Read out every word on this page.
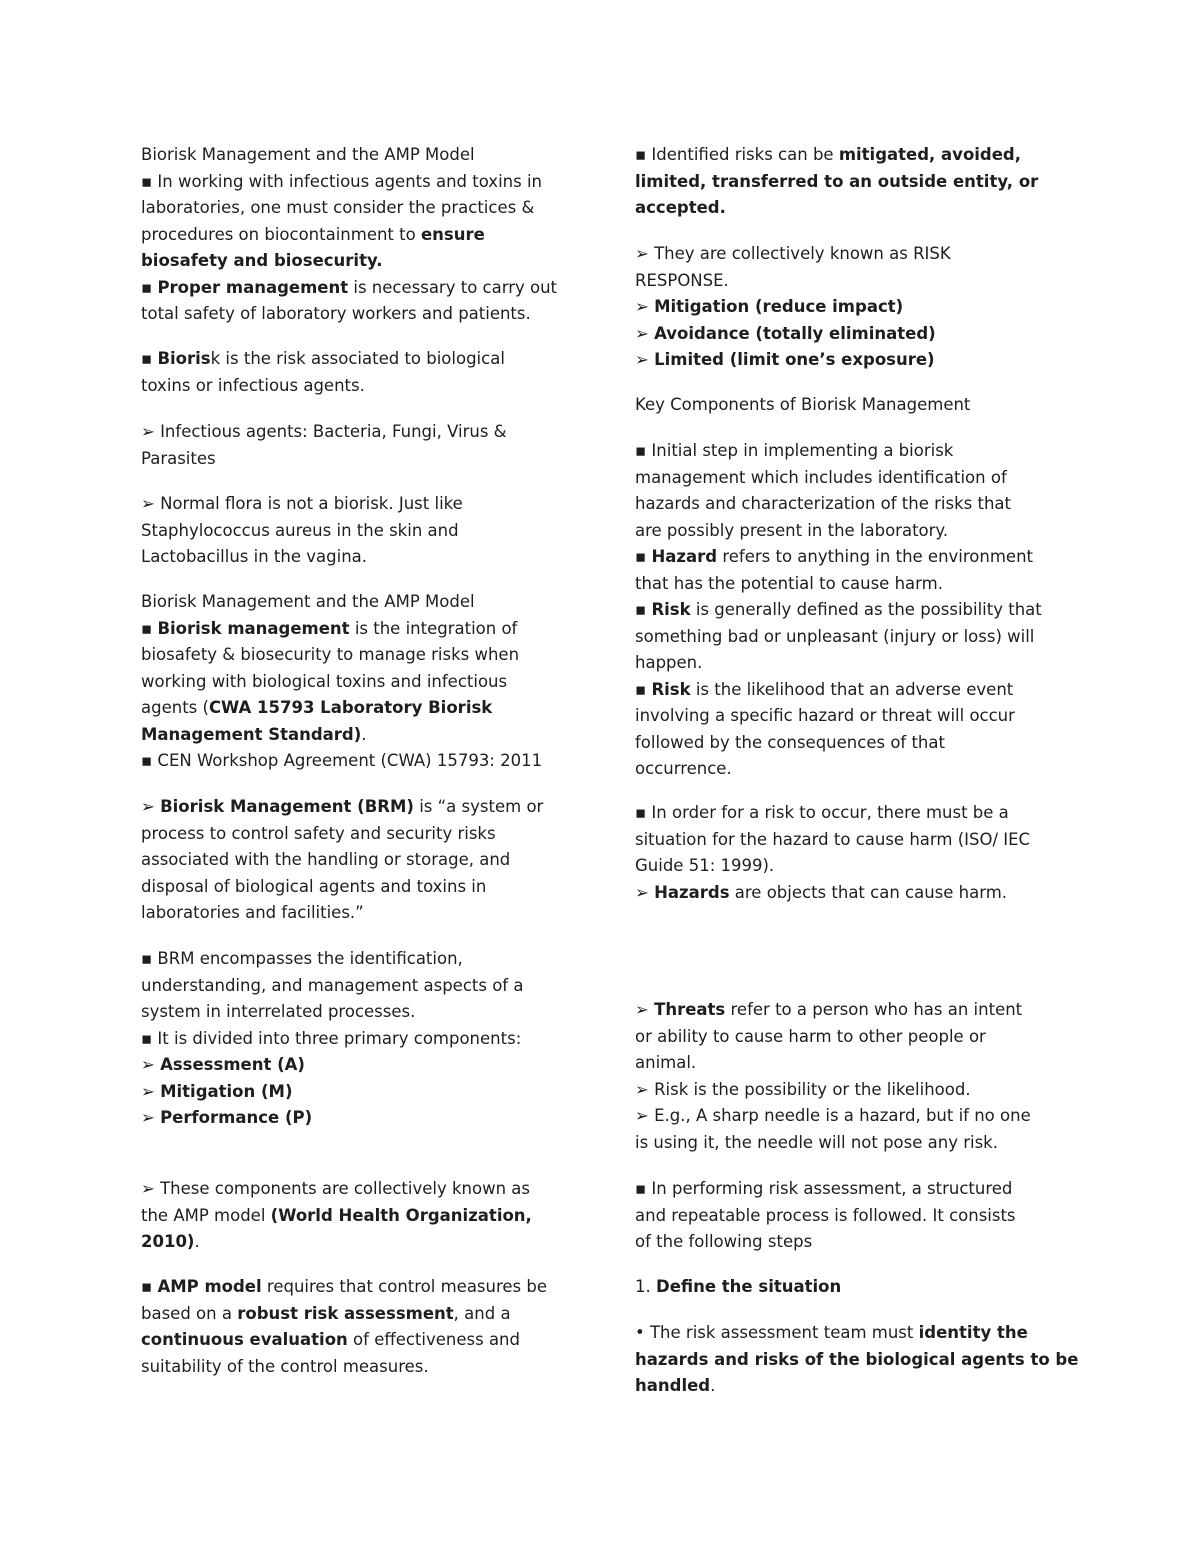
Biorisk Management and the AMP Model
▪ In working with infectious agents and toxins in
laboratories, one must consider the practices &
procedures on biocontainment to ensure
biosafety and biosecurity.
▪ Proper management is necessary to carry out
total safety of laboratory workers and patients.
▪ Biorisk is the risk associated to biological
toxins or infectious agents.
➢ Infectious agents: Bacteria, Fungi, Virus &
Parasites
➢ Normal flora is not a biorisk. Just like
Staphylococcus aureus in the skin and
Lactobacillus in the vagina.
Biorisk Management and the AMP Model
▪ Biorisk management is the integration of
biosafety & biosecurity to manage risks when
working with biological toxins and infectious
agents (CWA 15793 Laboratory Biorisk
Management Standard).
▪ CEN Workshop Agreement (CWA) 15793: 2011
➢ Biorisk Management (BRM) is “a system or
process to control safety and security risks
associated with the handling or storage, and
disposal of biological agents and toxins in
laboratories and facilities.”
▪ BRM encompasses the identification,
understanding, and management aspects of a
system in interrelated processes.
▪ It is divided into three primary components:
➢ Assessment (A)
➢ Mitigation (M)
➢ Performance (P)
➢ These components are collectively known as
the AMP model (World Health Organization,
2010).
▪ AMP model requires that control measures be
based on a robust risk assessment, and a
continuous evaluation of effectiveness and
suitability of the control measures.
▪ Identified risks can be mitigated, avoided,
limited, transferred to an outside entity, or
accepted.
➢ They are collectively known as RISK
RESPONSE.
➢ Mitigation (reduce impact)
➢ Avoidance (totally eliminated)
➢ Limited (limit one’s exposure)
Key Components of Biorisk Management
▪ Initial step in implementing a biorisk
management which includes identification of
hazards and characterization of the risks that
are possibly present in the laboratory.
▪ Hazard refers to anything in the environment
that has the potential to cause harm.
▪ Risk is generally defined as the possibility that
something bad or unpleasant (injury or loss) will
happen.
▪ Risk is the likelihood that an adverse event
involving a specific hazard or threat will occur
followed by the consequences of that
occurrence.
▪ In order for a risk to occur, there must be a
situation for the hazard to cause harm (ISO/ IEC
Guide 51: 1999).
➢ Hazards are objects that can cause harm.
➢ Threats refer to a person who has an intent
or ability to cause harm to other people or
animal.
➢ Risk is the possibility or the likelihood.
➢ E.g., A sharp needle is a hazard, but if no one
is using it, the needle will not pose any risk.
▪ In performing risk assessment, a structured
and repeatable process is followed. It consists
of the following steps
1. Define the situation
• The risk assessment team must identity the
hazards and risks of the biological agents to be
handled.
